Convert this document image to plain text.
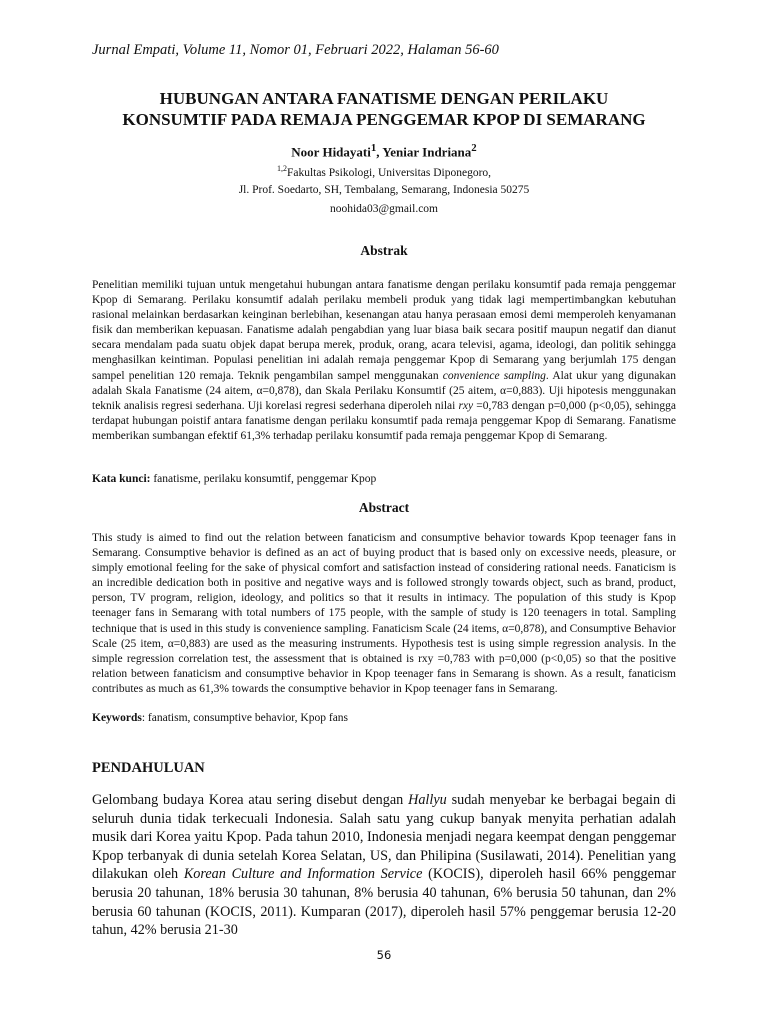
Jurnal Empati, Volume 11, Nomor 01, Februari 2022, Halaman 56-60
HUBUNGAN ANTARA FANATISME DENGAN PERILAKU
KONSUMTIF PADA REMAJA PENGGEMAR KPOP DI SEMARANG
Noor Hidayati$^1$, Yeniar Indriana$^2$
$^{1,2}$Fakultas Psikologi, Universitas Diponegoro,
Jl. Prof. Soedarto, SH, Tembalang, Semarang, Indonesia 50275
noohida03@gmail.com
Abstrak

Penelitian memiliki tujuan untuk mengetahui hubungan antara fanatisme dengan perilaku konsumtif pada remaja penggemar Kpop di Semarang. Perilaku konsumtif adalah perilaku membeli produk yang tidak lagi mempertimbangkan kebutuhan rasional melainkan berdasarkan keinginan berlebihan, kesenangan atau hanya perasaan emosi demi memperoleh kenyamanan fisik dan memberikan kepuasan. Fanatisme adalah pengabdian yang luar biasa baik secara positif maupun negatif dan dianut secara mendalam pada suatu objek dapat berupa merek, produk, orang, acara televisi, agama, ideologi, dan politik sehingga menghasilkan keintiman. Populasi penelitian ini adalah remaja penggemar Kpop di Semarang yang berjumlah 175 dengan sampel penelitian 120 remaja. Teknik pengambilan sampel menggunakan convenience sampling. Alat ukur yang digunakan adalah Skala Fanatisme (24 aitem, α=0,878), dan Skala Perilaku Konsumtif (25 aitem, α=0,883). Uji hipotesis menggunakan teknik analisis regresi sederhana. Uji korelasi regresi sederhana diperoleh nilai rxy =0,783 dengan p=0,000 (p<0,05), sehingga terdapat hubungan poistif antara fanatisme dengan perilaku konsumtif pada remaja penggemar Kpop di Semarang. Fanatisme memberikan sumbangan efektif 61,3% terhadap perilaku konsumtif pada remaja penggemar Kpop di Semarang.

Kata kunci: fanatisme, perilaku konsumtif, penggemar Kpop

Abstract

This study is aimed to find out the relation between fanaticism and consumptive behavior towards Kpop teenager fans in Semarang. Consumptive behavior is defined as an act of buying product that is based only on excessive needs, pleasure, or simply emotional feeling for the sake of physical comfort and satisfaction instead of considering rational needs. Fanaticism is an incredible dedication both in positive and negative ways and is followed strongly towards object, such as brand, product, person, TV program, religion, ideology, and politics so that it results in intimacy. The population of this study is Kpop teenager fans in Semarang with total numbers of 175 people, with the sample of study is 120 teenagers in total. Sampling technique that is used in this study is convenience sampling. Fanaticism Scale (24 items, α=0,878), and Consumptive Behavior Scale (25 item, α=0,883) are used as the measuring instruments. Hypothesis test is using simple regression analysis. In the simple regression correlation test, the assessment that is obtained is rxy =0,783 with p=0,000 (p<0,05) so that the positive relation between fanaticism and consumptive behavior in Kpop teenager fans in Semarang is shown. As a result, fanaticism contributes as much as 61,3% towards the consumptive behavior in Kpop teenager fans in Semarang.

Keywords: fanatism, consumptive behavior, Kpop fans

PENDAHULUAN

Gelombang budaya Korea atau sering disebut dengan Hallyu sudah menyebar ke berbagai begain di seluruh dunia tidak terkecuali Indonesia. Salah satu yang cukup banyak menyita perhatian adalah musik dari Korea yaitu Kpop. Pada tahun 2010, Indonesia menjadi negara keempat dengan penggemar Kpop terbanyak di dunia setelah Korea Selatan, US, dan Philipina (Susilawati, 2014). Penelitian yang dilakukan oleh Korean Culture and Information Service (KOCIS), diperoleh hasil 66% penggemar berusia 20 tahunan, 18% berusia 30 tahunan, 8% berusia 40 tahunan, 6% berusia 50 tahunan, dan 2% berusia 60 tahunan (KOCIS, 2011). Kumparan (2017), diperoleh hasil 57% penggemar berusia 12-20 tahun, 42% berusia 21-30

56
